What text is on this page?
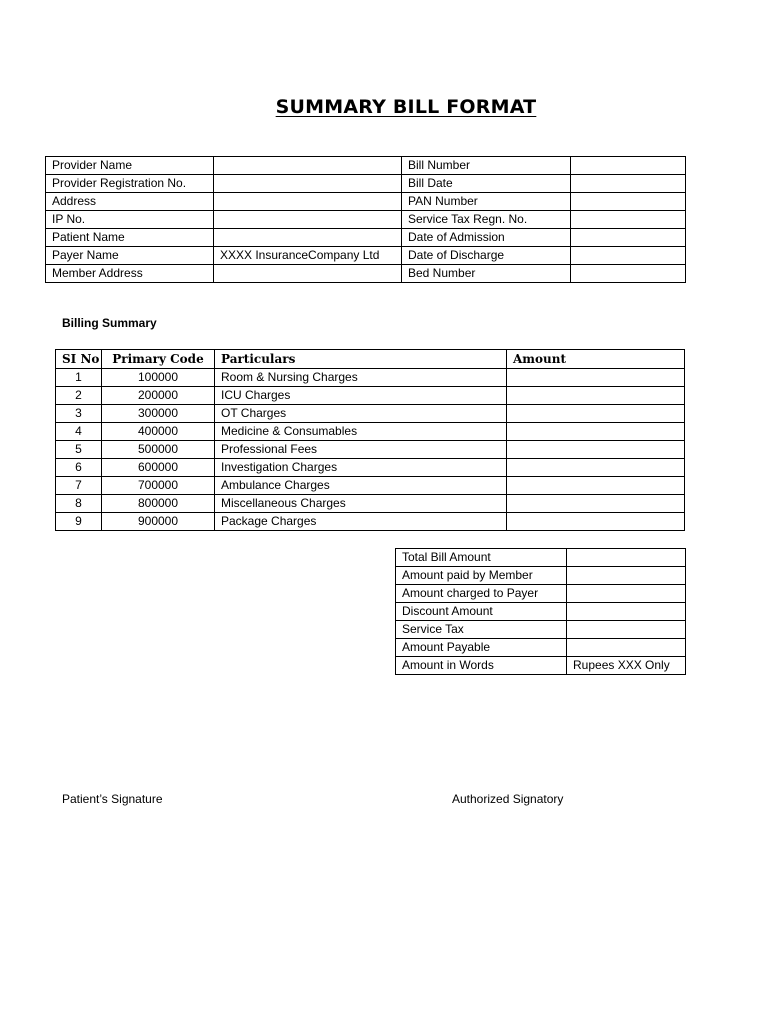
SUMMARY BILL FORMAT
Provider Name		Bill Number	
Provider Registration No.		Bill Date	
Address		PAN Number	
IP No.		Service Tax Regn. No.	
Patient Name		Date of Admission	
Payer Name	XXXX InsuranceCompany Ltd	Date of Discharge	
Member Address		Bed Number	
Billing Summary
SI No	Primary Code	Particulars	Amount
1	100000	Room & Nursing Charges	
2	200000	ICU Charges	
3	300000	OT Charges	
4	400000	Medicine & Consumables	
5	500000	Professional Fees	
6	600000	Investigation Charges	
7	700000	Ambulance Charges	
8	800000	Miscellaneous Charges	
9	900000	Package Charges	
Total Bill Amount	
Amount paid by Member	
Amount charged to Payer	
Discount Amount	
Service Tax	
Amount Payable	
Amount in Words	Rupees XXX Only
Patient’s Signature	Authorized Signatory
